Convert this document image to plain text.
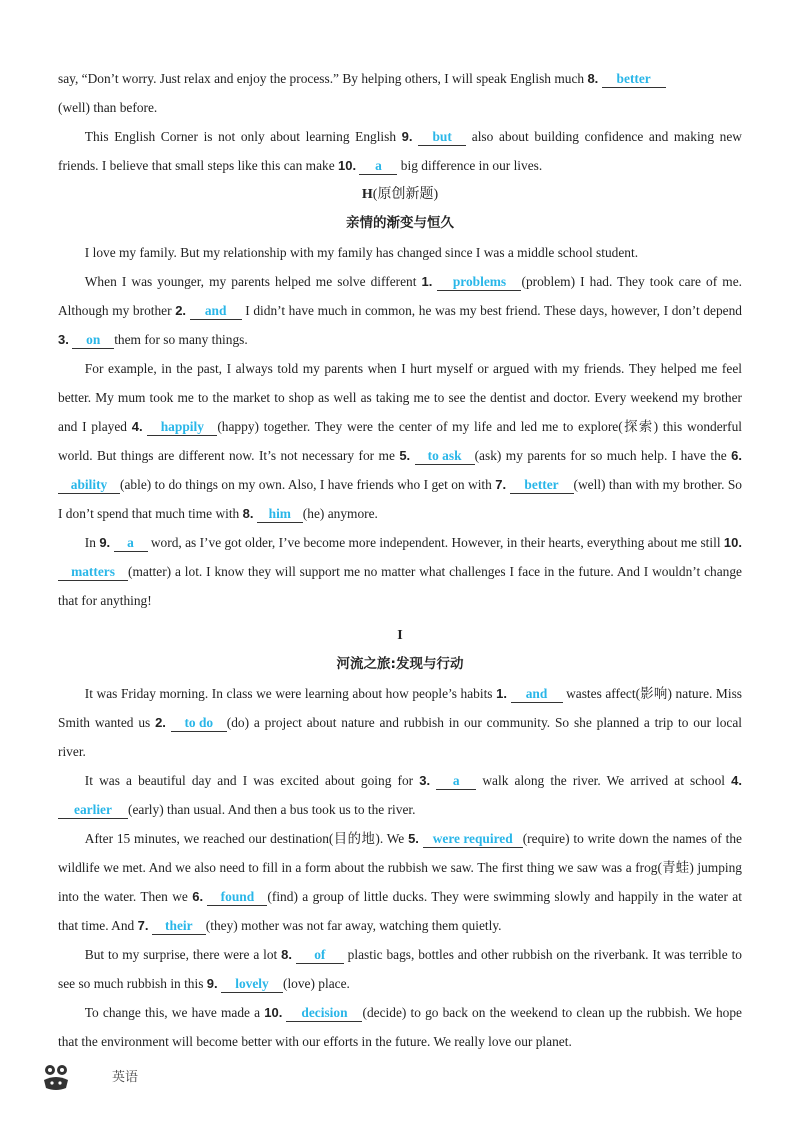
say, “Don’t worry. Just relax and enjoy the process.” By helping others, I will speak English much 8. better
(well) than before.

This English Corner is not only about learning English 9. but also about building confidence and making new friends. I believe that small steps like this can make 10. a big difference in our lives.

H(原创新题)
亲情的渐变与恒久

I love my family. But my relationship with my family has changed since I was a middle school student.

When I was younger, my parents helped me solve different 1. problems (problem) I had. They took care of me. Although my brother 2. and I didn’t have much in common, he was my best friend. These days, however, I don’t depend 3. on them for so many things.

For example, in the past, I always told my parents when I hurt myself or argued with my friends. They helped me feel better. My mum took me to the market to shop as well as taking me to see the dentist and doctor. Every weekend my brother and I played 4. happily (happy) together. They were the center of my life and led me to explore(探索) this wonderful world. But things are different now. It’s not necessary for me 5. to ask (ask) my parents for so much help. I have the 6. ability (able) to do things on my own. Also, I have friends who I get on with 7. better (well) than with my brother. So I don’t spend that much time with 8. him (he) anymore.

In 9. a word, as I’ve got older, I’ve become more independent. However, in their hearts, everything about me still 10. matters (matter) a lot. I know they will support me no matter what challenges I face in the future. And I wouldn’t change that for anything!

I
河流之旅:发现与行动

It was Friday morning. In class we were learning about how people’s habits 1. and wastes affect(影响) nature. Miss Smith wanted us 2. to do (do) a project about nature and rubbish in our community. So she planned a trip to our local river.

It was a beautiful day and I was excited about going for 3. a walk along the river. We arrived at school 4. earlier (early) than usual. And then a bus took us to the river.

After 15 minutes, we reached our destination(目的地). We 5. were required (require) to write down the names of the wildlife we met. And we also need to fill in a form about the rubbish we saw. The first thing we saw was a frog(青蛙) jumping into the water. Then we 6. found (find) a group of little ducks. They were swimming slowly and happily in the water at that time. And 7. their (they) mother was not far away, watching them quietly.

But to my surprise, there were a lot 8. of plastic bags, bottles and other rubbish on the riverbank. It was terrible to see so much rubbish in this 9. lovely (love) place.

To change this, we have made a 10. decision (decide) to go back on the weekend to clean up the rubbish. We hope that the environment will become better with our efforts in the future. We really love our planet.

英语
